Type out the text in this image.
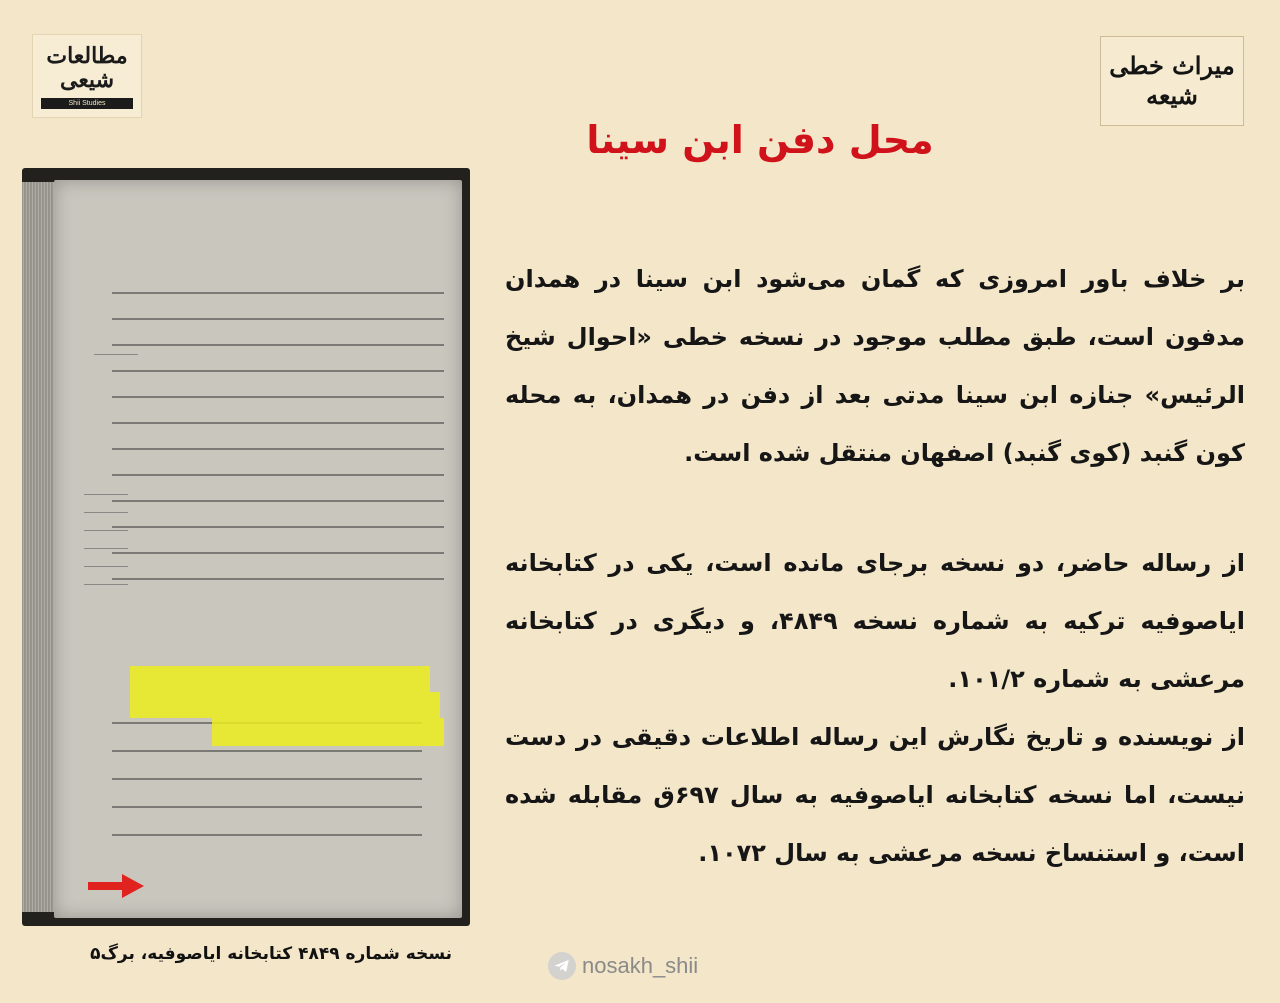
مطالعات شیعی
Shii Studies
میراث خطی شیعه
محل دفن ابن سینا
نسخه شماره ۴۸۴۹ کتابخانه ایاصوفیه، برگ۵	nosakh_shii

بر خلاف باور امروزی که گمان می‌شود ابن سینا در همدان مدفون است، طبق مطلب موجود در نسخه خطی «احوال شیخ الرئیس» جنازه ابن سینا مدتی بعد از دفن در همدان، به محله کون گنبد (کوی گنبد) اصفهان منتقل شده است.

از رساله حاضر، دو نسخه برجای مانده است، یکی در کتابخانه ایاصوفیه ترکیه به شماره نسخه ۴۸۴۹، و دیگری در کتابخانه مرعشی به شماره ۱۰۱/۲.

از نویسنده و تاریخ نگارش این رساله اطلاعات دقیقی در دست نیست، اما نسخه کتابخانه ایاصوفیه به سال ۶۹۷ق مقابله شده است، و استنساخ نسخه مرعشی به سال ۱۰۷۲.
